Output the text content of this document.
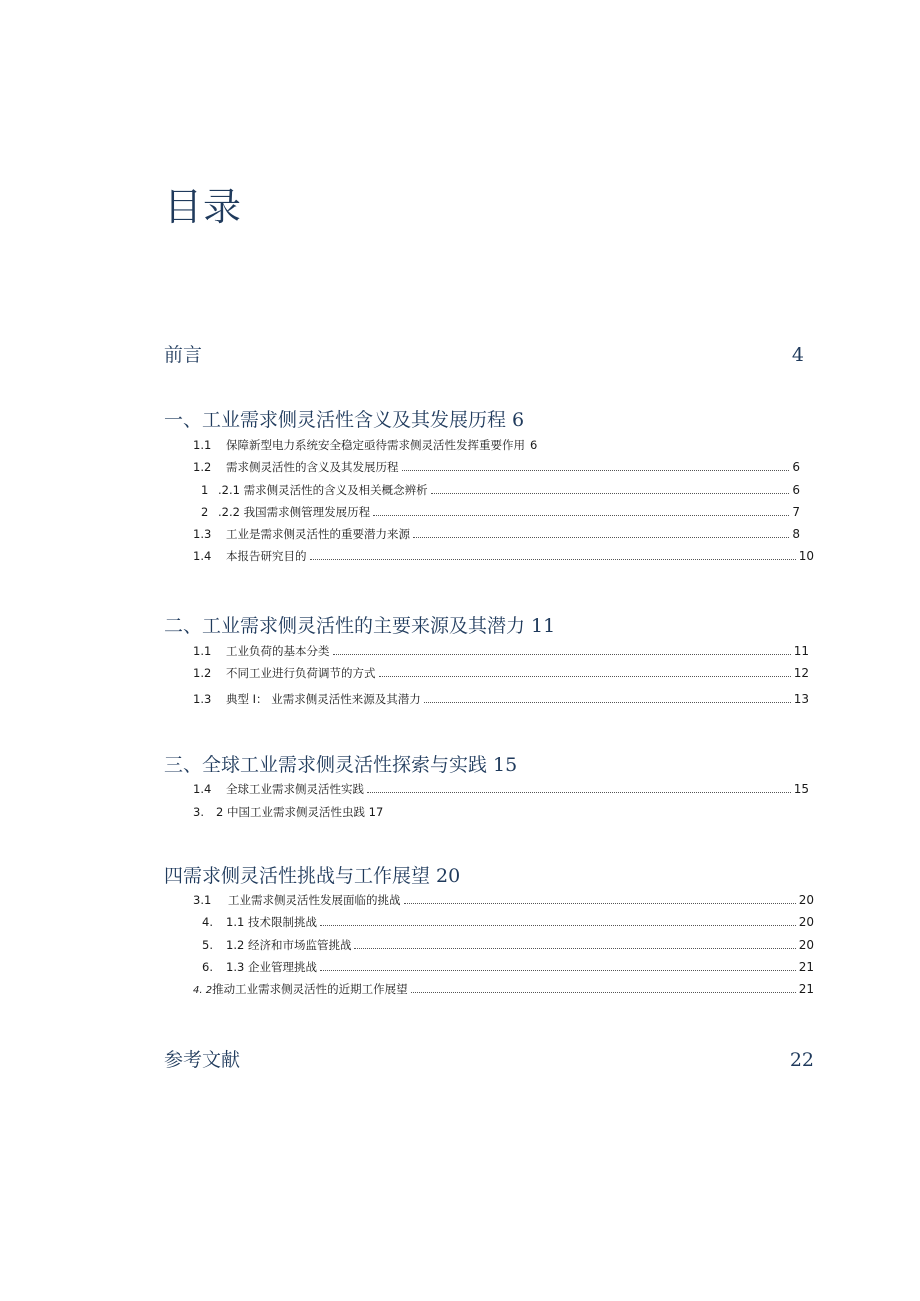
目录
前言	4
一、工业需求侧灵活性含义及其发展历程 6
1.1	保障新型电力系统安全稳定亟待需求侧灵活性发挥重要作用 6
1.2	需求侧灵活性的含义及其发展历程	6
1 .2.1 需求侧灵活性的含义及相关概念辨析	6
2 .2.2 我国需求侧管理发展历程	7
1.3	工业是需求侧灵活性的重要潜力来源	8
1.4	本报告研究目的	10
二、工业需求侧灵活性的主要来源及其潜力 11
1.1	工业负荷的基本分类	11
1.2	不同工业进行负荷调节的方式	12
1.3	典型 I： 业需求侧灵活性来源及其潜力	13
三、全球工业需求侧灵活性探索与实践 15
1.4	全球工业需求侧灵活性实践	15
3.	2 中国工业需求侧灵活性虫践 17
四需求侧灵活性挑战与工作展望 20
3.1	工业需求侧灵活性发展面临的挑战	20
4.	1.1 技术限制挑战	20
5.	1.2 经济和市场监管挑战	20
6.	1.3 企业管理挑战	21
4. 2 推动工业需求侧灵活性的近期工作展望	21
参考文献	22
